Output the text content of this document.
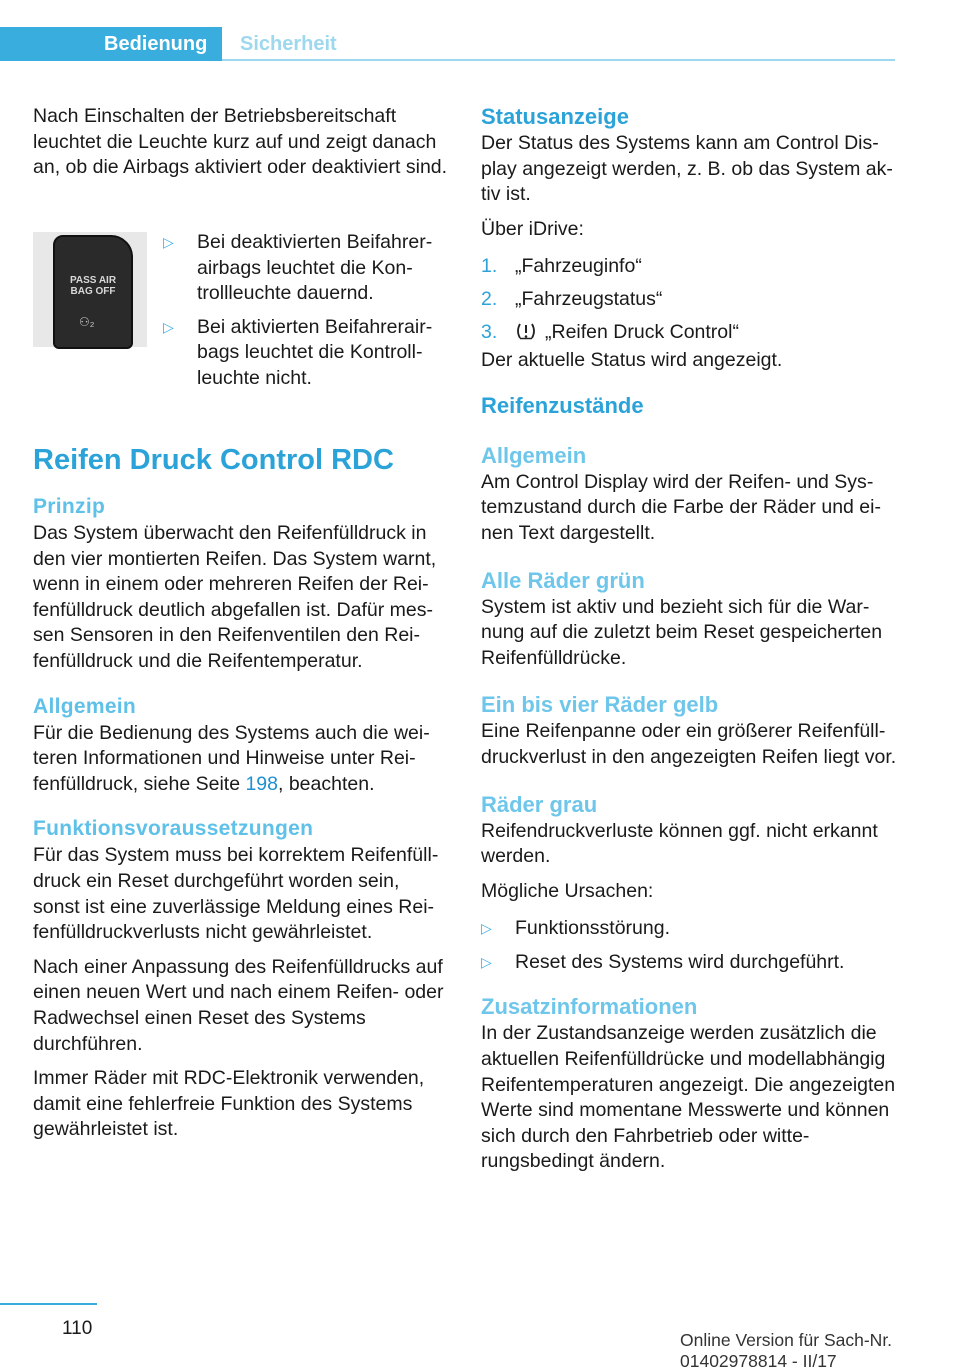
Bedienung Sicherheit

Nach Einschalten der Betriebsbereitschaft leuchtet die Leuchte kurz auf und zeigt danach an, ob die Airbags aktiviert oder deaktiviert sind.

PASS AIR BAG OFF
⚇₂
▷ Bei deaktivierten Beifahrerairbags leuchtet die Kontrollleuchte dauernd.
▷ Bei aktivierten Beifahrerairbags leuchtet die Kontrollleuchte nicht.
Reifen Druck Control RDC
Prinzip

Das System überwacht den Reifenfülldruck in den vier montierten Reifen. Das System warnt, wenn in einem oder mehreren Reifen der Reifenfülldruck deutlich abgefallen ist. Dafür messen Sensoren in den Reifenventilen den Reifenfülldruck und die Reifentemperatur.

Allgemein

Für die Bedienung des Systems auch die weiteren Informationen und Hinweise unter Reifenfülldruck, siehe Seite 198, beachten.

Funktionsvoraussetzungen

Für das System muss bei korrektem Reifenfülldruck ein Reset durchgeführt worden sein, sonst ist eine zuverlässige Meldung eines Reifenfülldruckverlusts nicht gewährleistet.

Nach einer Anpassung des Reifenfülldrucks auf einen neuen Wert und nach einem Reifen- oder Radwechsel einen Reset des Systems durchführen.

Immer Räder mit RDC-Elektronik verwenden, damit eine fehlerfreie Funktion des Systems gewährleistet ist.

Statusanzeige

Der Status des Systems kann am Control Display angezeigt werden, z. B. ob das System aktiv ist.

Über iDrive:

1. „Fahrzeuginfo“
2. „Fahrzeugstatus“
3. „Reifen Druck Control“

Der aktuelle Status wird angezeigt.

Reifenzustände
Allgemein

Am Control Display wird der Reifen- und Systemzustand durch die Farbe der Räder und einen Text dargestellt.

Alle Räder grün

System ist aktiv und bezieht sich für die Warnung auf die zuletzt beim Reset gespeicherten Reifenfülldrücke.

Ein bis vier Räder gelb

Eine Reifenpanne oder ein größerer Reifenfülldruckverlust in den angezeigten Reifen liegt vor.

Räder grau

Reifendruckverluste können ggf. nicht erkannt werden.

Mögliche Ursachen:

▷ Funktionsstörung.
▷ Reset des Systems wird durchgeführt.
Zusatzinformationen

In der Zustandsanzeige werden zusätzlich die aktuellen Reifenfülldrücke und modellabhängig Reifentemperaturen angezeigt. Die angezeigten Werte sind momentane Messwerte und können sich durch den Fahrbetrieb oder witterungsbedingt ändern.

110
Online Version für Sach-Nr. 01402978814 - II/17
